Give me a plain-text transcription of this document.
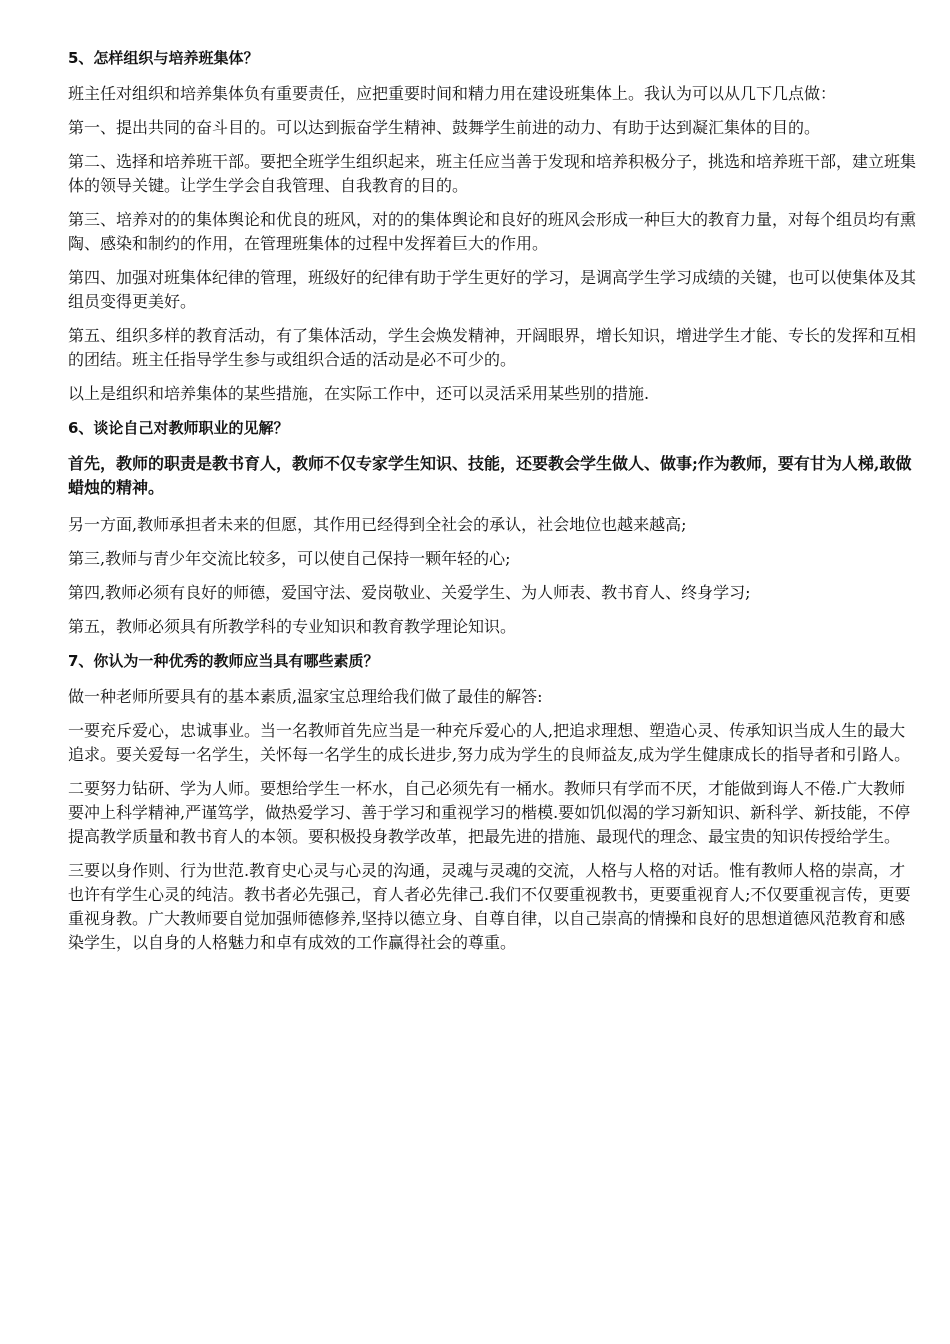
5、怎样组织与培养班集体？

班主任对组织和培养集体负有重要责任，应把重要时间和精力用在建设班集体上。我认为可以从几下几点做：

第一、提出共同的奋斗目的。可以达到振奋学生精神、鼓舞学生前进的动力、有助于达到凝汇集体的目的。

第二、选择和培养班干部。要把全班学生组织起来，班主任应当善于发现和培养积极分子，挑选和培养班干部，建立班集体的领导关键。让学生学会自我管理、自我教育的目的。

第三、培养对的的集体舆论和优良的班风，对的的集体舆论和良好的班风会形成一种巨大的教育力量，对每个组员均有熏陶、感染和制约的作用，在管理班集体的过程中发挥着巨大的作用。

第四、加强对班集体纪律的管理，班级好的纪律有助于学生更好的学习，是调高学生学习成绩的关键，也可以使集体及其组员变得更美好。

第五、组织多样的教育活动，有了集体活动，学生会焕发精神，开阔眼界，增长知识，增进学生才能、专长的发挥和互相的团结。班主任指导学生参与或组织合适的活动是必不可少的。

以上是组织和培养集体的某些措施，在实际工作中，还可以灵活采用某些别的措施.

6、谈论自己对教师职业的见解？

首先，教师的职责是教书育人，教师不仅专家学生知识、技能，还要教会学生做人、做事;作为教师，要有甘为人梯,敢做蜡烛的精神。

另一方面,教师承担者未来的但愿，其作用已经得到全社会的承认，社会地位也越来越高;

第三,教师与青少年交流比较多，可以使自己保持一颗年轻的心;

第四,教师必须有良好的师德，爱国守法、爱岗敬业、关爱学生、为人师表、教书育人、终身学习;

第五，教师必须具有所教学科的专业知识和教育教学理论知识。

7、你认为一种优秀的教师应当具有哪些素质？

做一种老师所要具有的基本素质,温家宝总理给我们做了最佳的解答:

一要充斥爱心，忠诚事业。当一名教师首先应当是一种充斥爱心的人,把追求理想、塑造心灵、传承知识当成人生的最大追求。要关爱每一名学生，关怀每一名学生的成长进步,努力成为学生的良师益友,成为学生健康成长的指导者和引路人。

二要努力钻研、学为人师。要想给学生一杯水，自己必须先有一桶水。教师只有学而不厌，才能做到诲人不倦.广大教师要冲上科学精神,严谨笃学，做热爱学习、善于学习和重视学习的楷模.要如饥似渴的学习新知识、新科学、新技能，不停提高教学质量和教书育人的本领。要积极投身教学改革，把最先进的措施、最现代的理念、最宝贵的知识传授给学生。

三要以身作则、行为世范.教育史心灵与心灵的沟通，灵魂与灵魂的交流，人格与人格的对话。惟有教师人格的崇高，才也许有学生心灵的纯洁。教书者必先强己，育人者必先律己.我们不仅要重视教书，更要重视育人;不仅要重视言传，更要重视身教。广大教师要自觉加强师德修养,坚持以德立身、自尊自律，以自己崇高的情操和良好的思想道德风范教育和感染学生，以自身的人格魅力和卓有成效的工作赢得社会的尊重。
